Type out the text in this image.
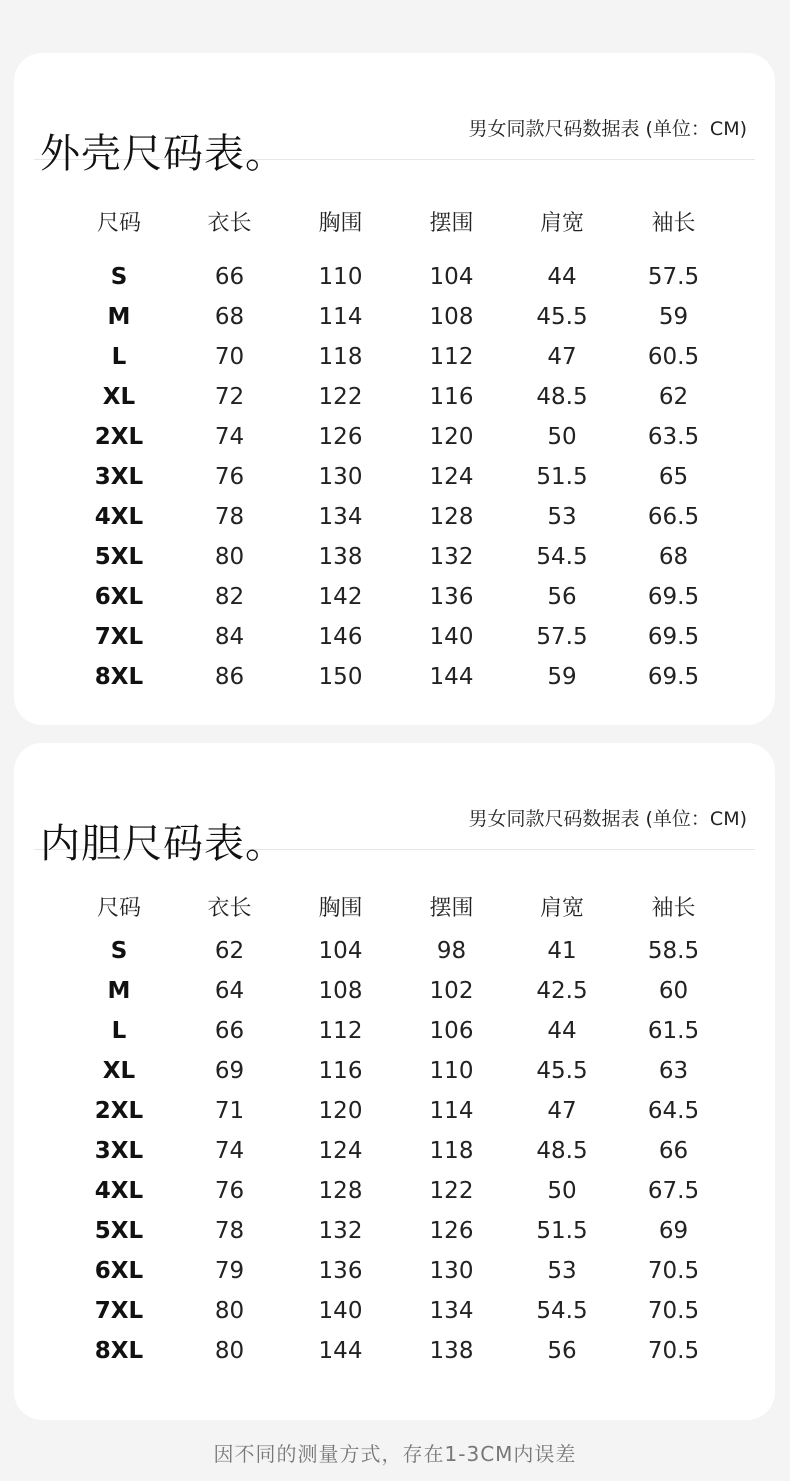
外壳尺码表。
男女同款尺码数据表 (单位：CM)
尺码	衣长	胸围	摆围	肩宽	袖长

S	66	110	104	44	57.5
M	68	114	108	45.5	59
L	70	118	112	47	60.5
XL	72	122	116	48.5	62
2XL	74	126	120	50	63.5
3XL	76	130	124	51.5	65
4XL	78	134	128	53	66.5
5XL	80	138	132	54.5	68
6XL	82	142	136	56	69.5
7XL	84	146	140	57.5	69.5
8XL	86	150	144	59	69.5
内胆尺码表。
男女同款尺码数据表 (单位：CM)
尺码	衣长	胸围	摆围	肩宽	袖长

S	62	104	98	41	58.5
M	64	108	102	42.5	60
L	66	112	106	44	61.5
XL	69	116	110	45.5	63
2XL	71	120	114	47	64.5
3XL	74	124	118	48.5	66
4XL	76	128	122	50	67.5
5XL	78	132	126	51.5	69
6XL	79	136	130	53	70.5
7XL	80	140	134	54.5	70.5
8XL	80	144	138	56	70.5
因不同的测量方式，存在1-3CM内误差
